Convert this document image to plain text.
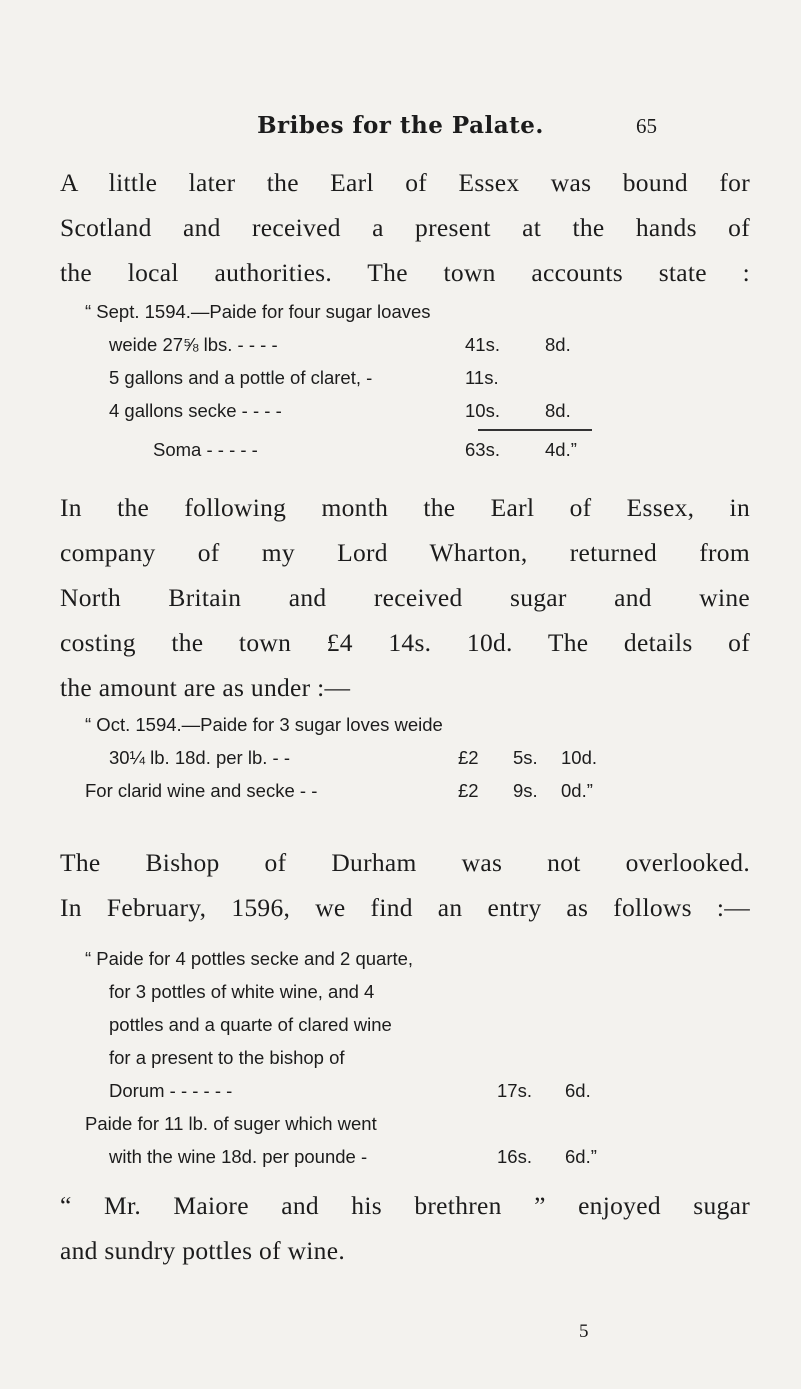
Bribes for the Palate.	65
A little later the Earl of Essex was bound for
Scotland and received a present at the hands of
the local authorities. The town accounts state :
“ Sept. 1594.—Paide for four sugar loaves
weide 27⅝ lbs. - - - -	41s. 8d.
5 gallons and a pottle of claret, -	11s.
4 gallons secke - - - -	10s. 8d.
Soma - - - - -	63s. 4d.”
In the following month the Earl of Essex, in
company of my Lord Wharton, returned from
North Britain and received sugar and wine
costing the town £4 14s. 10d. The details of
the amount are as under :—
“ Oct. 1594.—Paide for 3 sugar loves weide
30¼ lb. 18d. per lb. - -	£2 5s. 10d.
For clarid wine and secke - -	£2 9s. 0d.”
The Bishop of Durham was not overlooked.
In February, 1596, we find an entry as follows :—
“ Paide for 4 pottles secke and 2 quarte,
for 3 pottles of white wine, and 4
pottles and a quarte of clared wine
for a present to the bishop of
Dorum - - - - - -	17s. 6d.
Paide for 11 lb. of suger which went
with the wine 18d. per pounde -	16s. 6d.”
“ Mr. Maiore and his brethren ” enjoyed sugar
and sundry pottles of wine.
5
